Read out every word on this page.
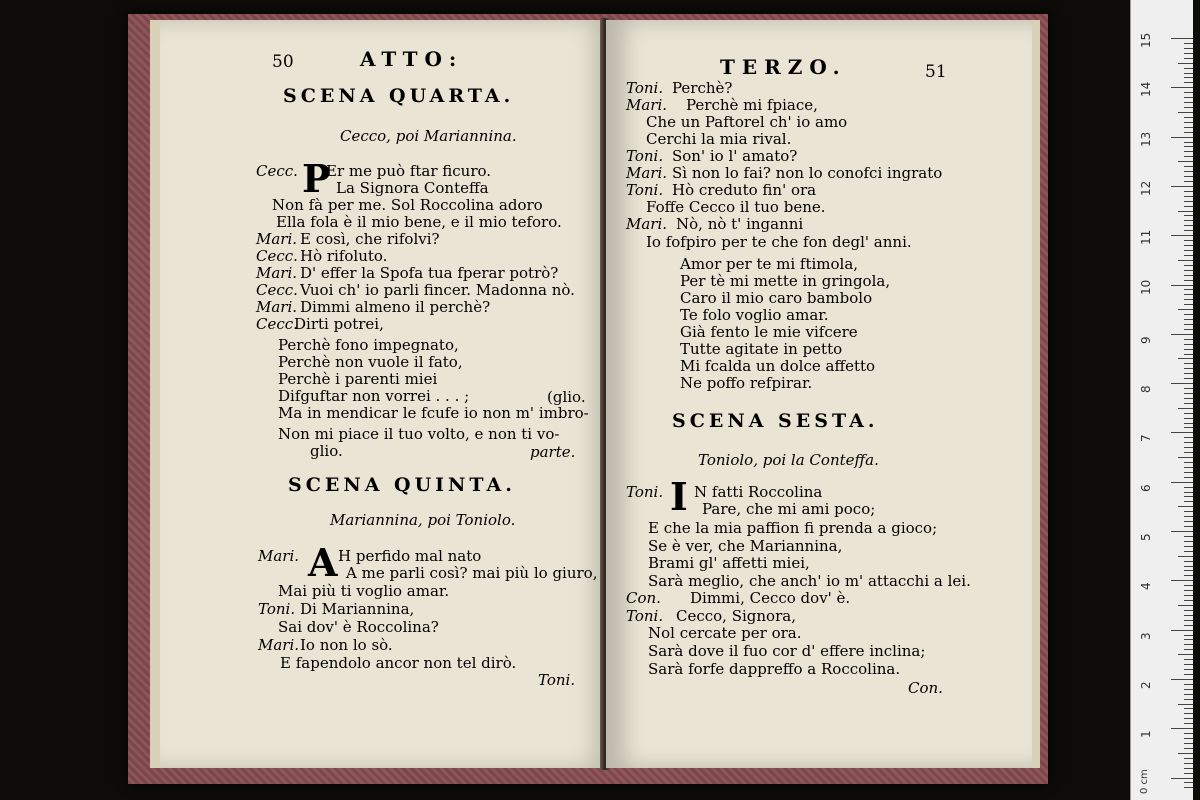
50	ATTO:
SCENA QUARTA.
Cecco, poi Mariannina.
P
Cecc. Er me può ftar ficuro.
La Signora Conteffa
Non fà per me. Sol Roccolina adoro
Ella fola è il mio bene, e il mio teforo.
Mari. E così, che rifolvi?
Cecc. Hò rifoluto.
Mari. D' effer la Spofa tua fperar potrò?
Cecc. Vuoi ch' io parli fincer. Madonna nò.
Mari. Dimmi almeno il perchè?
Cecc.
Dirti potrei,
Perchè fono impegnato,
Perchè non vuole il fato,
Perchè i parenti miei
Difguftar non vorrei . . . ;
Ma in mendicar le fcufe io non m' imbro-
Non mi piace il tuo volto, e non ti vo-
glio.
(glio.
parte.
SCENA QUINTA.
Mariannina, poi Toniolo.
A
Mari.	H perfido mal nato
A me parli così? mai più lo giuro,
Mai più ti voglio amar.
Toni. Di Mariannina,
Sai dov' è Roccolina?
Mari. Io non lo sò.
E fapendolo ancor non tel dirò.
Toni.
TERZO.	51
Toni. Perchè?
Mari. Perchè mi fpiace,
Che un Paftorel ch' io amo
Cerchi la mia rival.
Toni. Son' io l' amato?
Mari. Sì non lo fai? non lo conofci ingrato
Toni. Hò creduto fin' ora
Foffe Cecco il tuo bene.
Mari. Nò, nò t' inganni
Io fofpiro per te che fon degl' anni.
Amor per te mi ftimola,
Per tè mi mette in gringola,
Caro il mio caro bambolo
Te folo voglio amar.
Già fento le mie vifcere
Tutte agitate in petto
Mi fcalda un dolce affetto
Ne poffo refpirar.
SCENA SESTA.
Toniolo, poi la Conteffa.
I
Toni. N fatti Roccolina
Pare, che mi ami poco;
E che la mia paffion fi prenda a gioco;
Se è ver, che Mariannina,
Brami gl' affetti miei,
Sarà meglio, che anch' io m' attacchi a lei.
Con. Dimmi, Cecco dov' è.
Toni. Cecco, Signora,
Nol cercate per ora.
Sarà dove il fuo cor d' effere inclina;
Sarà forfe dappreffo a Roccolina.
Con.
15
14
13
12
11
10
9
8
7
6
5
4
3
2
1
0 cm
